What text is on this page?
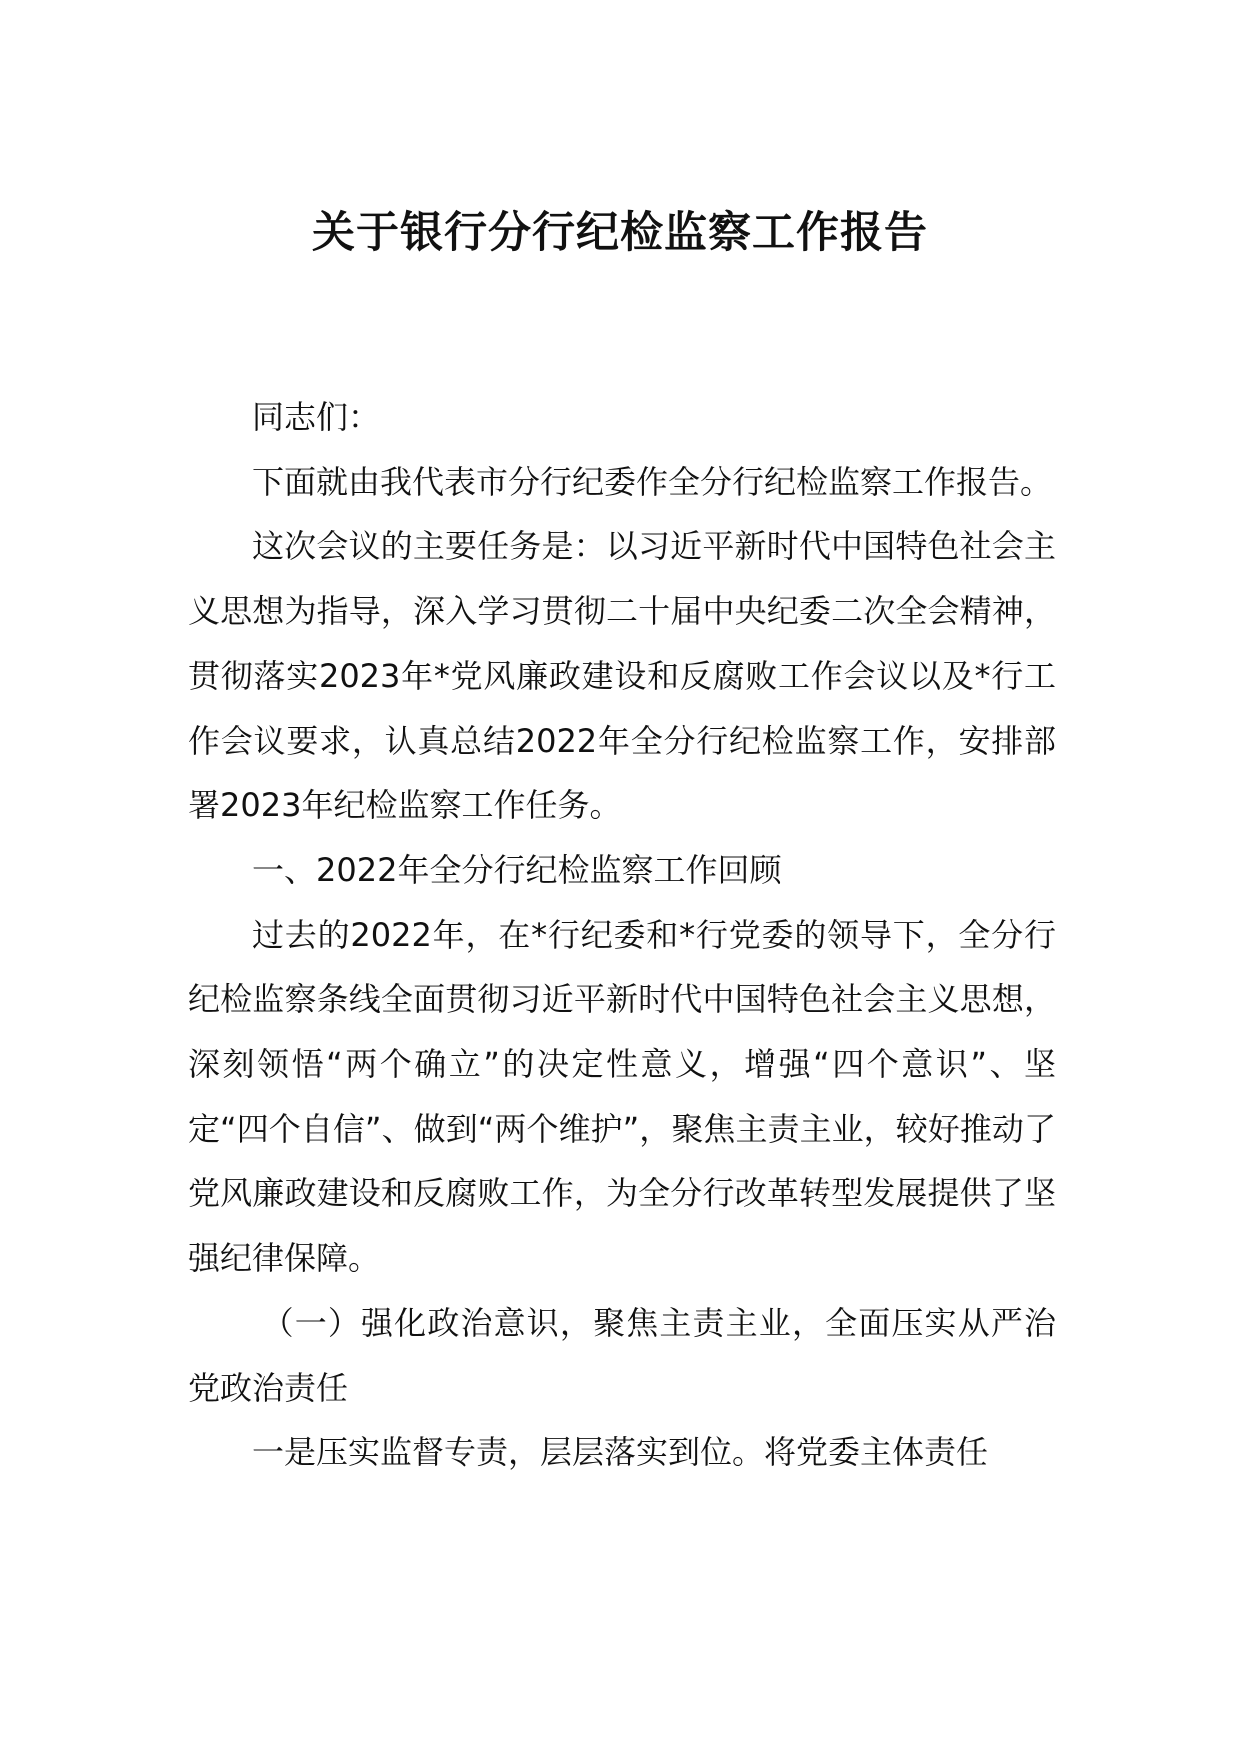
关于银行分行纪检监察工作报告

同志们：

下面就由我代表市分行纪委作全分行纪检监察工作报告。

这次会议的主要任务是：以习近平新时代中国特色社会主义思想为指导，深入学习贯彻二十届中央纪委二次全会精神，贯彻落实2023年*党风廉政建设和反腐败工作会议以及*行工作会议要求，认真总结2022年全分行纪检监察工作，安排部署2023年纪检监察工作任务。

一、2022年全分行纪检监察工作回顾

过去的2022年，在*行纪委和*行党委的领导下，全分行纪检监察条线全面贯彻习近平新时代中国特色社会主义思想，深刻领悟“两个确立”的决定性意义，增强“四个意识”、坚定“四个自信”、做到“两个维护”，聚焦主责主业，较好推动了党风廉政建设和反腐败工作，为全分行改革转型发展提供了坚强纪律保障。

（一）强化政治意识，聚焦主责主业，全面压实从严治党政治责任

一是压实监督专责，层层落实到位。将党委主体责任
